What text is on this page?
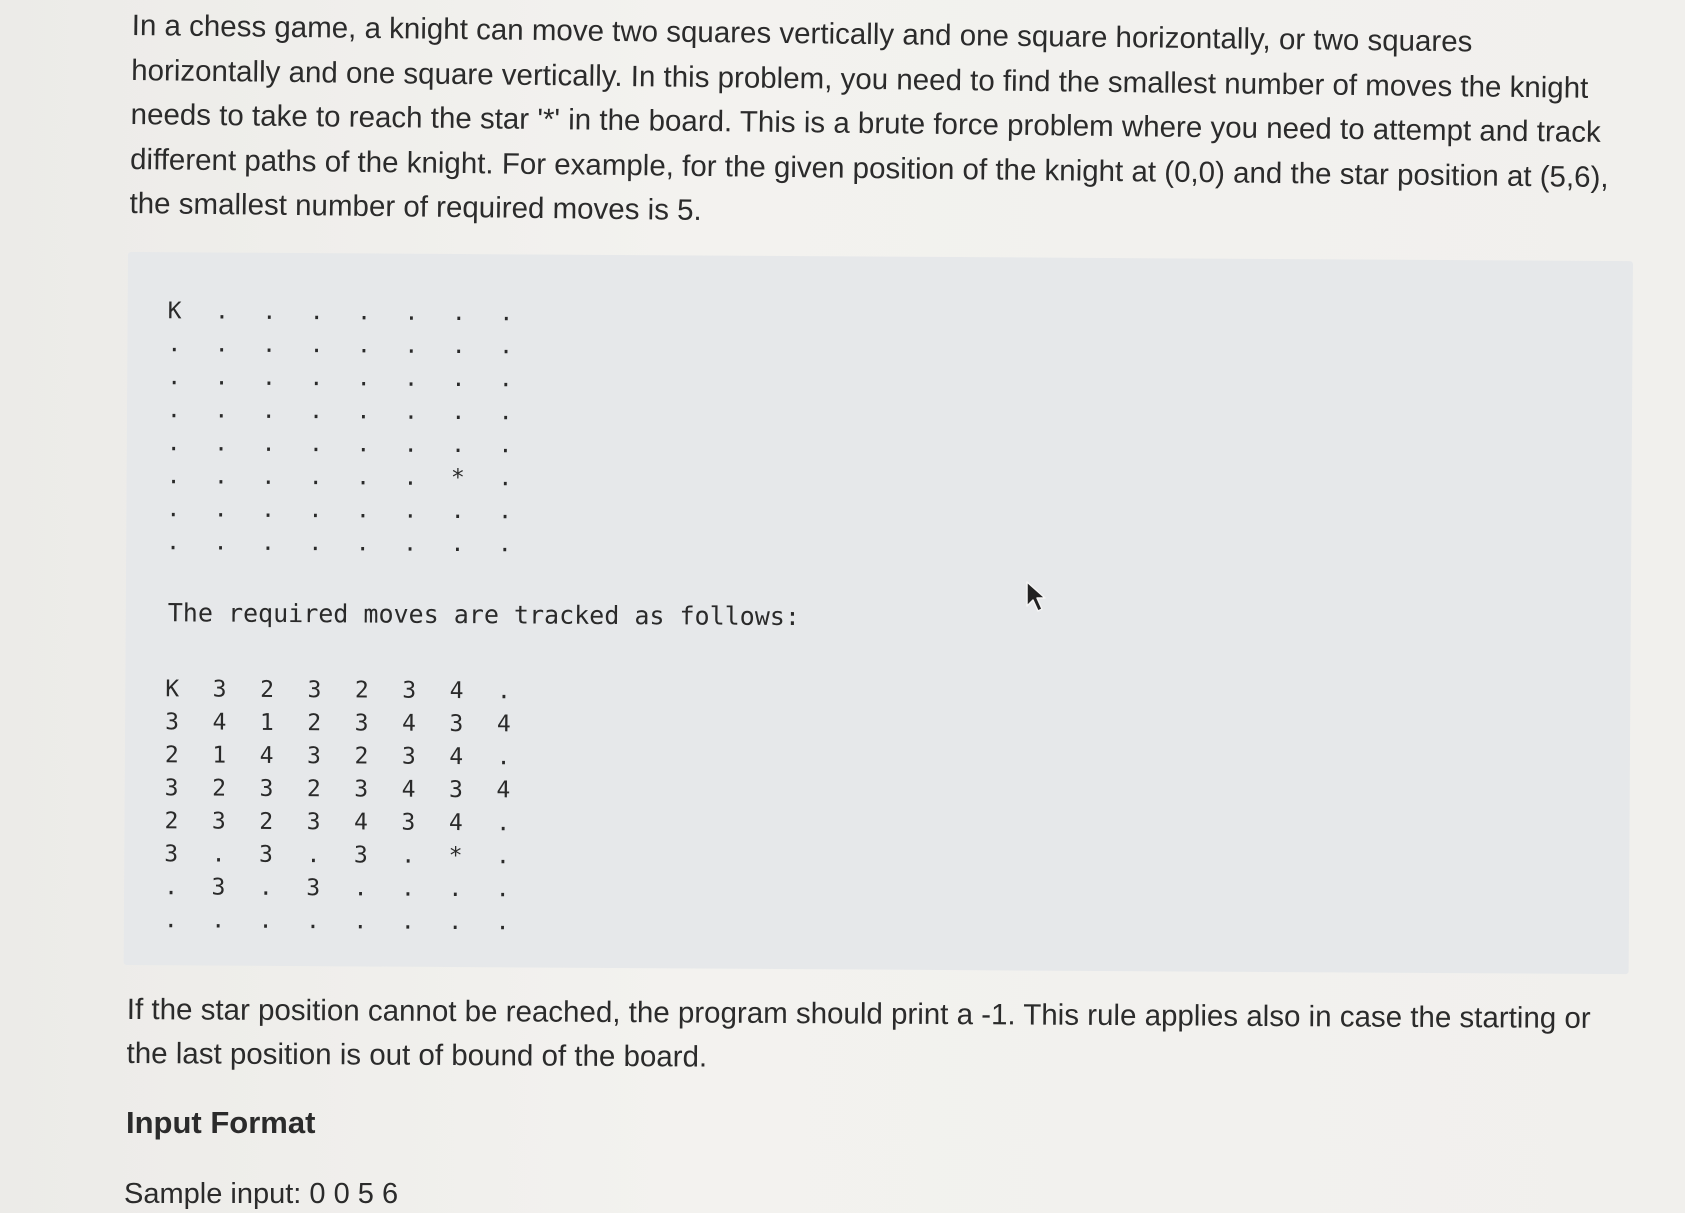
In a chess game, a knight can move two squares vertically and one square horizontally, or two squares horizontally and one square vertically. In this problem, you need to find the smallest number of moves the knight needs to take to reach the star '*' in the board. This is a brute force problem where you need to attempt and track different paths of the knight. For example, for the given position of the knight at (0,0) and the star position at (5,6), the smallest number of required moves is 5.

K	.	.	.	.	.	.	.
.	.	.	.	.	.	.	.
.	.	.	.	.	.	.	.
.	.	.	.	.	.	.	.
.	.	.	.	.	.	.	.
.	.	.	.	.	.	*	.
.	.	.	.	.	.	.	.
.	.	.	.	.	.	.	.
The required moves are tracked as follows:
K	3	2	3	2	3	4	.
3	4	1	2	3	4	3	4
2	1	4	3	2	3	4	.
3	2	3	2	3	4	3	4
2	3	2	3	4	3	4	.
3	.	3	.	3	.	*	.
.	3	.	3	.	.	.	.
.	.	.	.	.	.	.	.

If the star position cannot be reached, the program should print a -1. This rule applies also in case the starting or the last position is out of bound of the board.

Input Format
Sample input: 0 0 5 6
